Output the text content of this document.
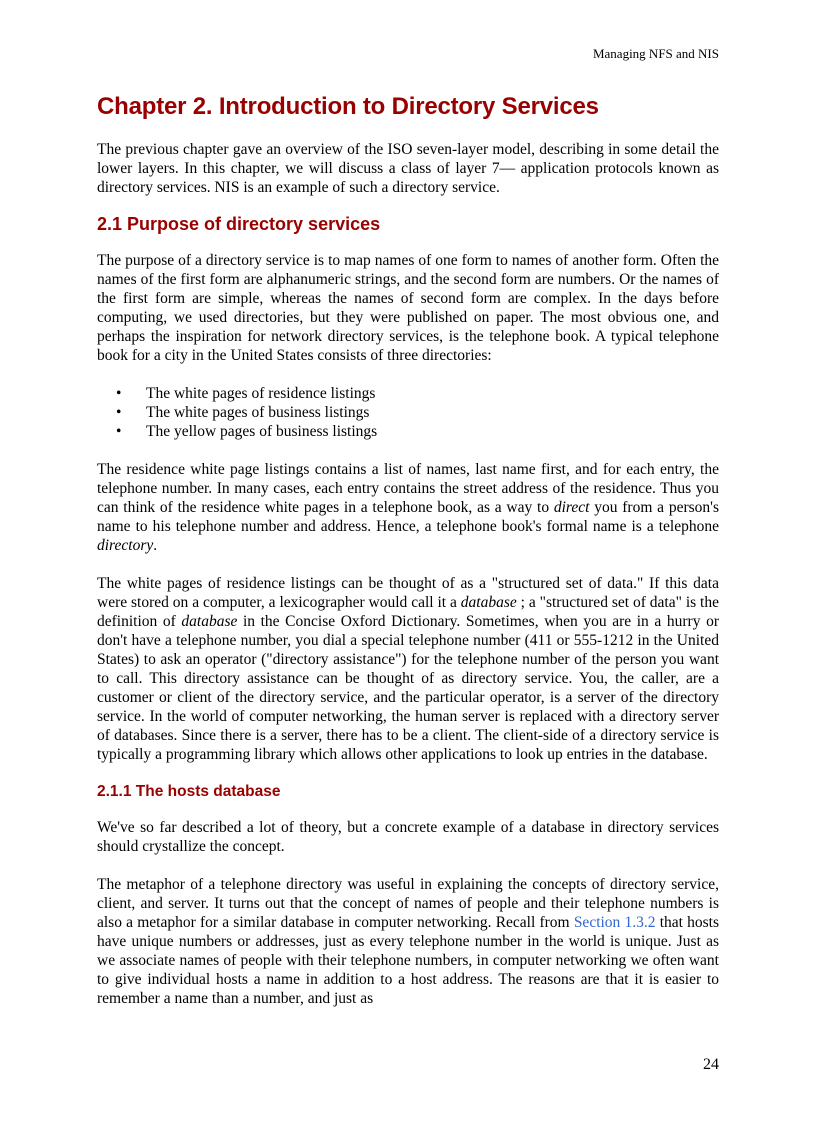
Managing NFS and NIS
Chapter 2. Introduction to Directory Services

The previous chapter gave an overview of the ISO seven-layer model, describing in some detail the lower layers. In this chapter, we will discuss a class of layer 7— application protocols known as directory services. NIS is an example of such a directory service.

2.1 Purpose of directory services

The purpose of a directory service is to map names of one form to names of another form. Often the names of the first form are alphanumeric strings, and the second form are numbers. Or the names of the first form are simple, whereas the names of second form are complex. In the days before computing, we used directories, but they were published on paper. The most obvious one, and perhaps the inspiration for network directory services, is the telephone book. A typical telephone book for a city in the United States consists of three directories:

• The white pages of residence listings
• The white pages of business listings
• The yellow pages of business listings

The residence white page listings contains a list of names, last name first, and for each entry, the telephone number. In many cases, each entry contains the street address of the residence. Thus you can think of the residence white pages in a telephone book, as a way to direct you from a person's name to his telephone number and address. Hence, a telephone book's formal name is a telephone directory.

The white pages of residence listings can be thought of as a "structured set of data." If this data were stored on a computer, a lexicographer would call it a database ; a "structured set of data" is the definition of database in the Concise Oxford Dictionary. Sometimes, when you are in a hurry or don't have a telephone number, you dial a special telephone number (411 or 555-1212 in the United States) to ask an operator ("directory assistance") for the telephone number of the person you want to call. This directory assistance can be thought of as directory service. You, the caller, are a customer or client of the directory service, and the particular operator, is a server of the directory service. In the world of computer networking, the human server is replaced with a directory server of databases. Since there is a server, there has to be a client. The client-side of a directory service is typically a programming library which allows other applications to look up entries in the database.

2.1.1 The hosts database

We've so far described a lot of theory, but a concrete example of a database in directory services should crystallize the concept.

The metaphor of a telephone directory was useful in explaining the concepts of directory service, client, and server. It turns out that the concept of names of people and their telephone numbers is also a metaphor for a similar database in computer networking. Recall from Section 1.3.2 that hosts have unique numbers or addresses, just as every telephone number in the world is unique. Just as we associate names of people with their telephone numbers, in computer networking we often want to give individual hosts a name in addition to a host address. The reasons are that it is easier to remember a name than a number, and just as

24
